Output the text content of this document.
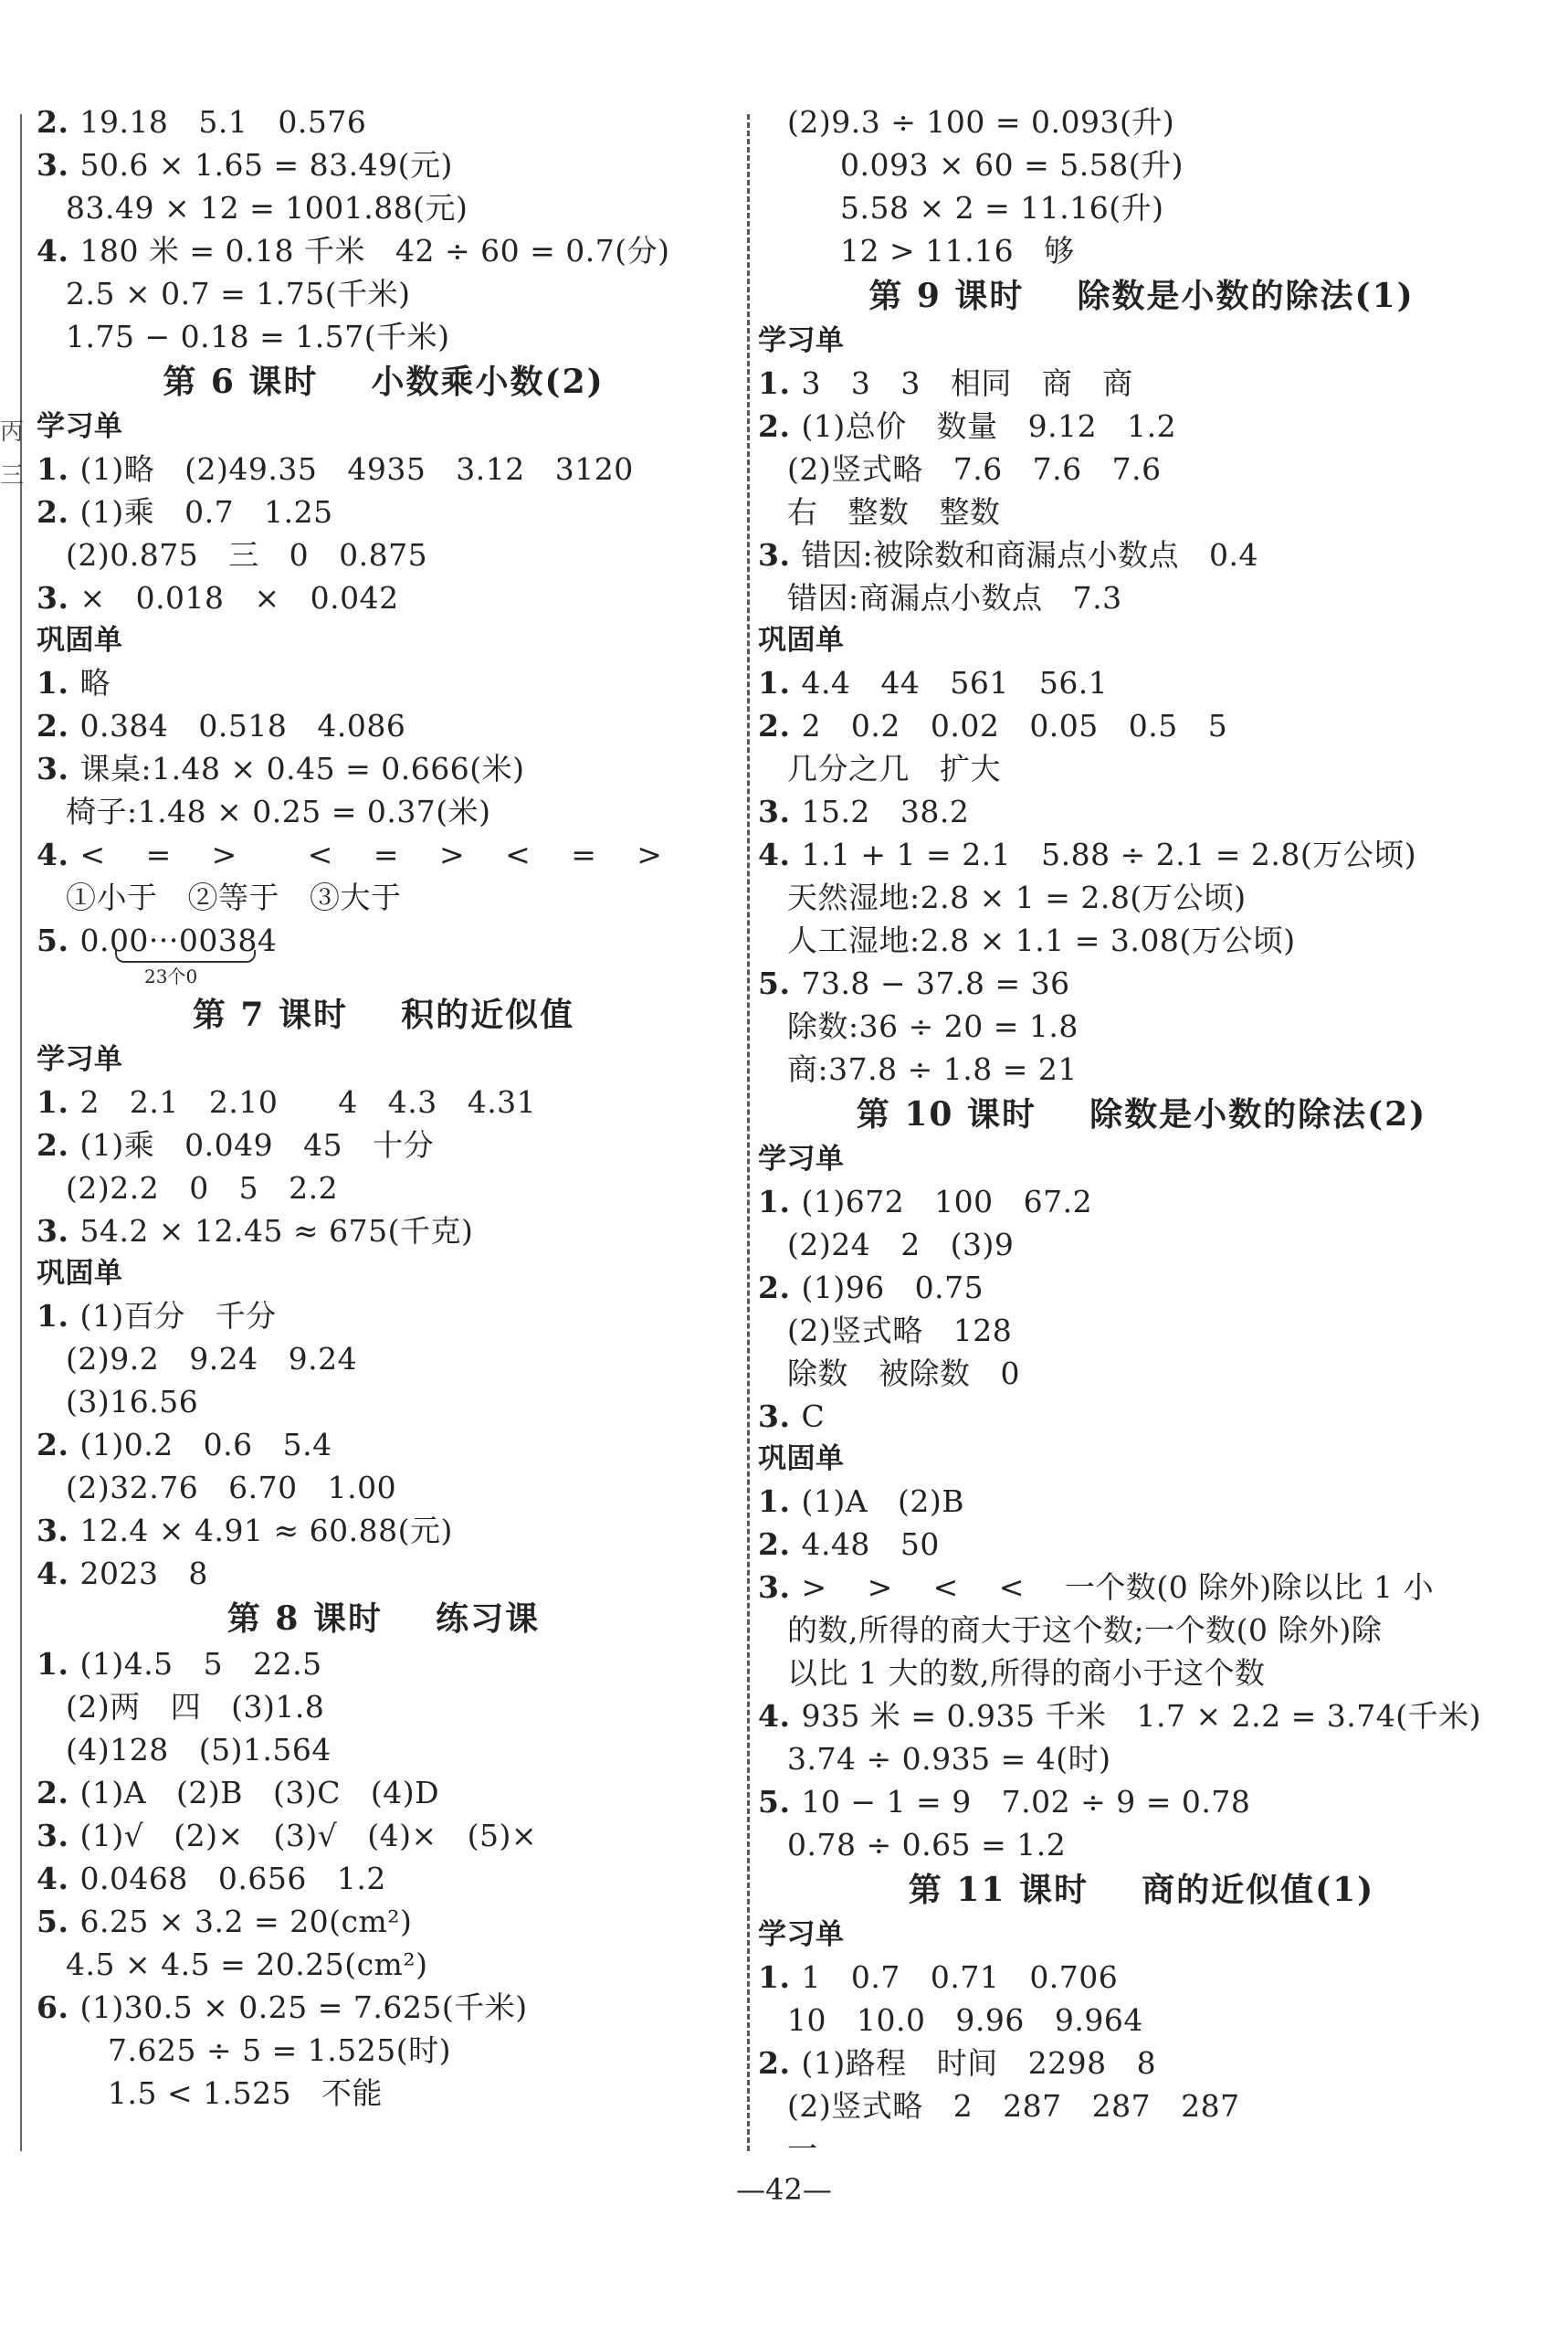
丙
三
2. 19.18   5.1   0.576
3. 50.6 × 1.65 = 83.49(元)
83.49 × 12 = 1001.88(元)
4. 180 米 = 0.18 千米   42 ÷ 60 = 0.7(分)
2.5 × 0.7 = 1.75(千米)
1.75 − 0.18 = 1.57(千米)
第 6 课时    小数乘小数(2)
学习单
1. (1)略   (2)49.35   4935   3.12   3120
2. (1)乘   0.7   1.25
(2)0.875   三   0   0.875
3. ×   0.018   ×   0.042
巩固单
1. 略
2. 0.384   0.518   4.086
3. 课桌:1.48 × 0.45 = 0.666(米)
椅子:1.48 × 0.25 = 0.37(米)
4. <    =    >       <    =    >    <    =    >
①小于   ②等于   ③大于
5. 0.00···00384
23个0
第 7 课时    积的近似值
学习单
1. 2   2.1   2.10      4   4.3   4.31
2. (1)乘   0.049   45   十分
(2)2.2   0   5   2.2
3. 54.2 × 12.45 ≈ 675(千克)
巩固单
1. (1)百分   千分
(2)9.2   9.24   9.24
(3)16.56
2. (1)0.2   0.6   5.4
(2)32.76   6.70   1.00
3. 12.4 × 4.91 ≈ 60.88(元)
4. 2023   8
第 8 课时    练习课
1. (1)4.5   5   22.5
(2)两   四   (3)1.8
(4)128   (5)1.564
2. (1)A   (2)B   (3)C   (4)D
3. (1)√   (2)×   (3)√   (4)×   (5)×
4. 0.0468   0.656   1.2
5. 6.25 × 3.2 = 20(cm²)
4.5 × 4.5 = 20.25(cm²)
6. (1)30.5 × 0.25 = 7.625(千米)
7.625 ÷ 5 = 1.525(时)
1.5 < 1.525   不能
(2)9.3 ÷ 100 = 0.093(升)
0.093 × 60 = 5.58(升)
5.58 × 2 = 11.16(升)
12 > 11.16   够
第 9 课时    除数是小数的除法(1)
学习单
1. 3   3   3   相同   商   商
2. (1)总价   数量   9.12   1.2
(2)竖式略   7.6   7.6   7.6
右   整数   整数
3. 错因:被除数和商漏点小数点   0.4
错因:商漏点小数点   7.3
巩固单
1. 4.4   44   561   56.1
2. 2   0.2   0.02   0.05   0.5   5
几分之几   扩大
3. 15.2   38.2
4. 1.1 + 1 = 2.1   5.88 ÷ 2.1 = 2.8(万公顷)
天然湿地:2.8 × 1 = 2.8(万公顷)
人工湿地:2.8 × 1.1 = 3.08(万公顷)
5. 73.8 − 37.8 = 36
除数:36 ÷ 20 = 1.8
商:37.8 ÷ 1.8 = 21
第 10 课时    除数是小数的除法(2)
学习单
1. (1)672   100   67.2
(2)24   2   (3)9
2. (1)96   0.75
(2)竖式略   128
除数   被除数   0
3. C
巩固单
1. (1)A   (2)B
2. 4.48   50
3. >    >    <    <    一个数(0 除外)除以比 1 小
的数,所得的商大于这个数;一个数(0 除外)除
以比 1 大的数,所得的商小于这个数
4. 935 米 = 0.935 千米   1.7 × 2.2 = 3.74(千米)
3.74 ÷ 0.935 = 4(时)
5. 10 − 1 = 9   7.02 ÷ 9 = 0.78
0.78 ÷ 0.65 = 1.2
第 11 课时    商的近似值(1)
学习单
1. 1   0.7   0.71   0.706
10   10.0   9.96   9.964
2. (1)路程   时间   2298   8
(2)竖式略   2   287   287   287
一
—42—
